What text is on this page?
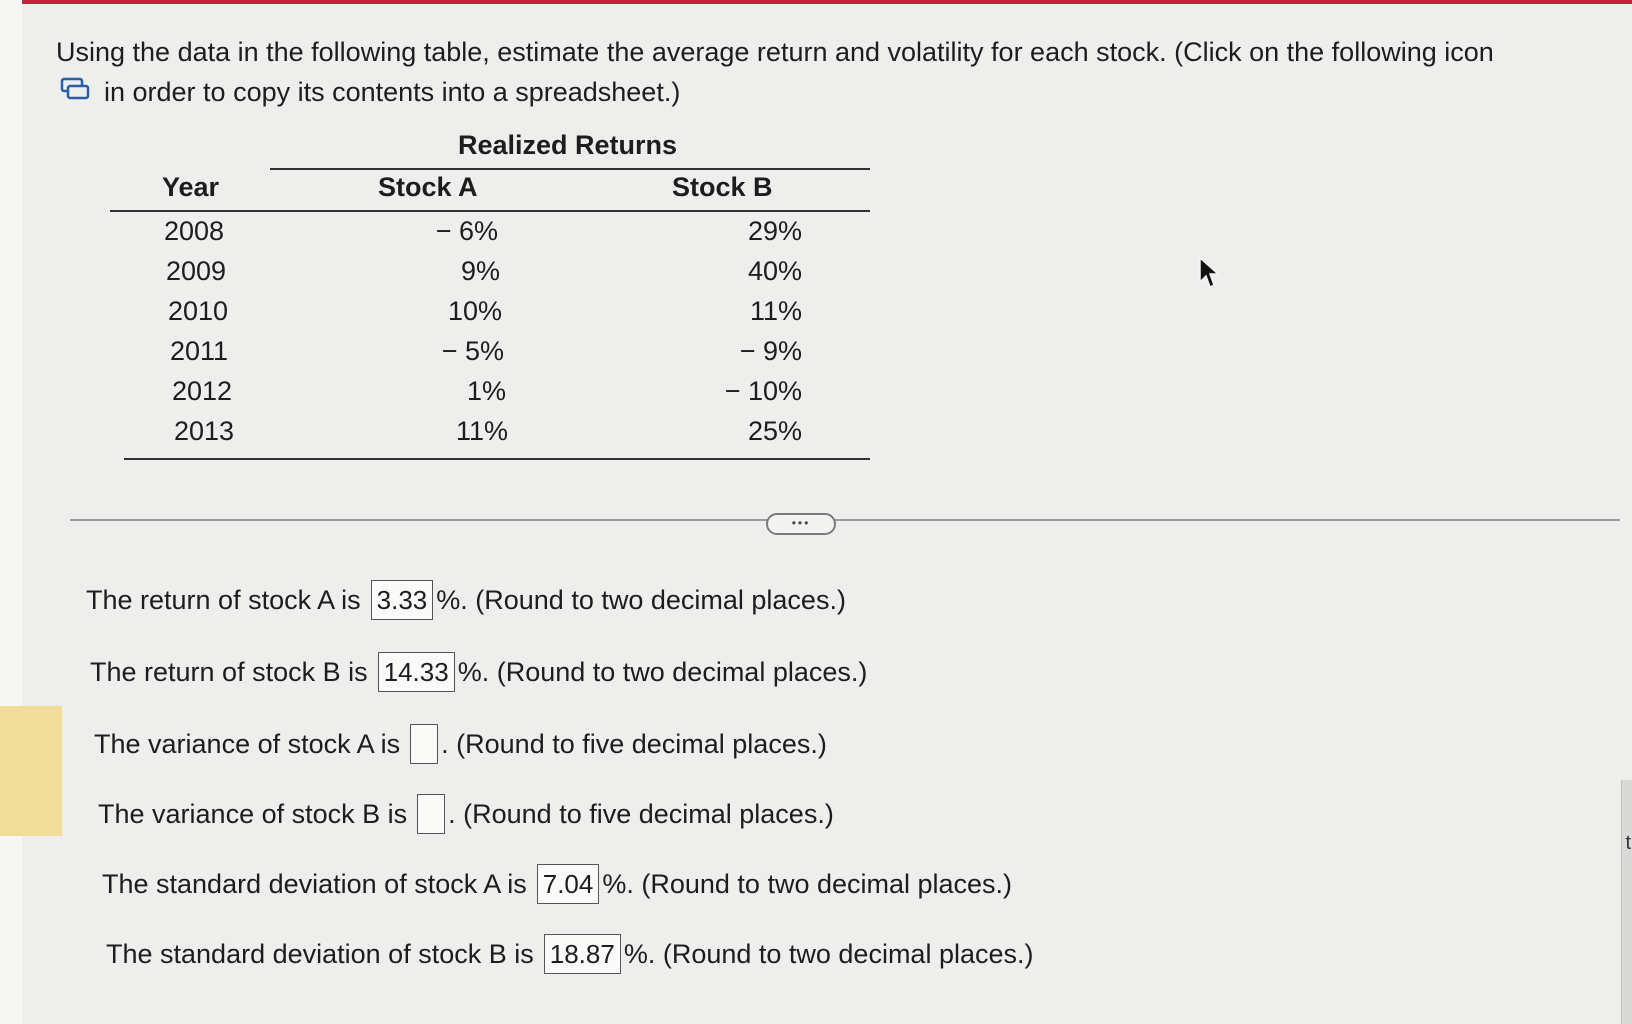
t
Using the data in the following table, estimate the average return and volatility for each stock. (Click on the following icon
in order to copy its contents into a spreadsheet.)
Realized Returns
Year	Stock A	Stock B
2008	− 6%	29%
2009	9%	40%
2010	10%	11%
2011	− 5%	− 9%
2012	1%	− 10%
2013	11%	25%
•••
The return of stock A is 3.33 %. (Round to two decimal places.)
The return of stock B is 14.33 %. (Round to two decimal places.)
The variance of stock A is . (Round to five decimal places.)
The variance of stock B is . (Round to five decimal places.)
The standard deviation of stock A is 7.04 %. (Round to two decimal places.)
The standard deviation of stock B is 18.87 %. (Round to two decimal places.)
